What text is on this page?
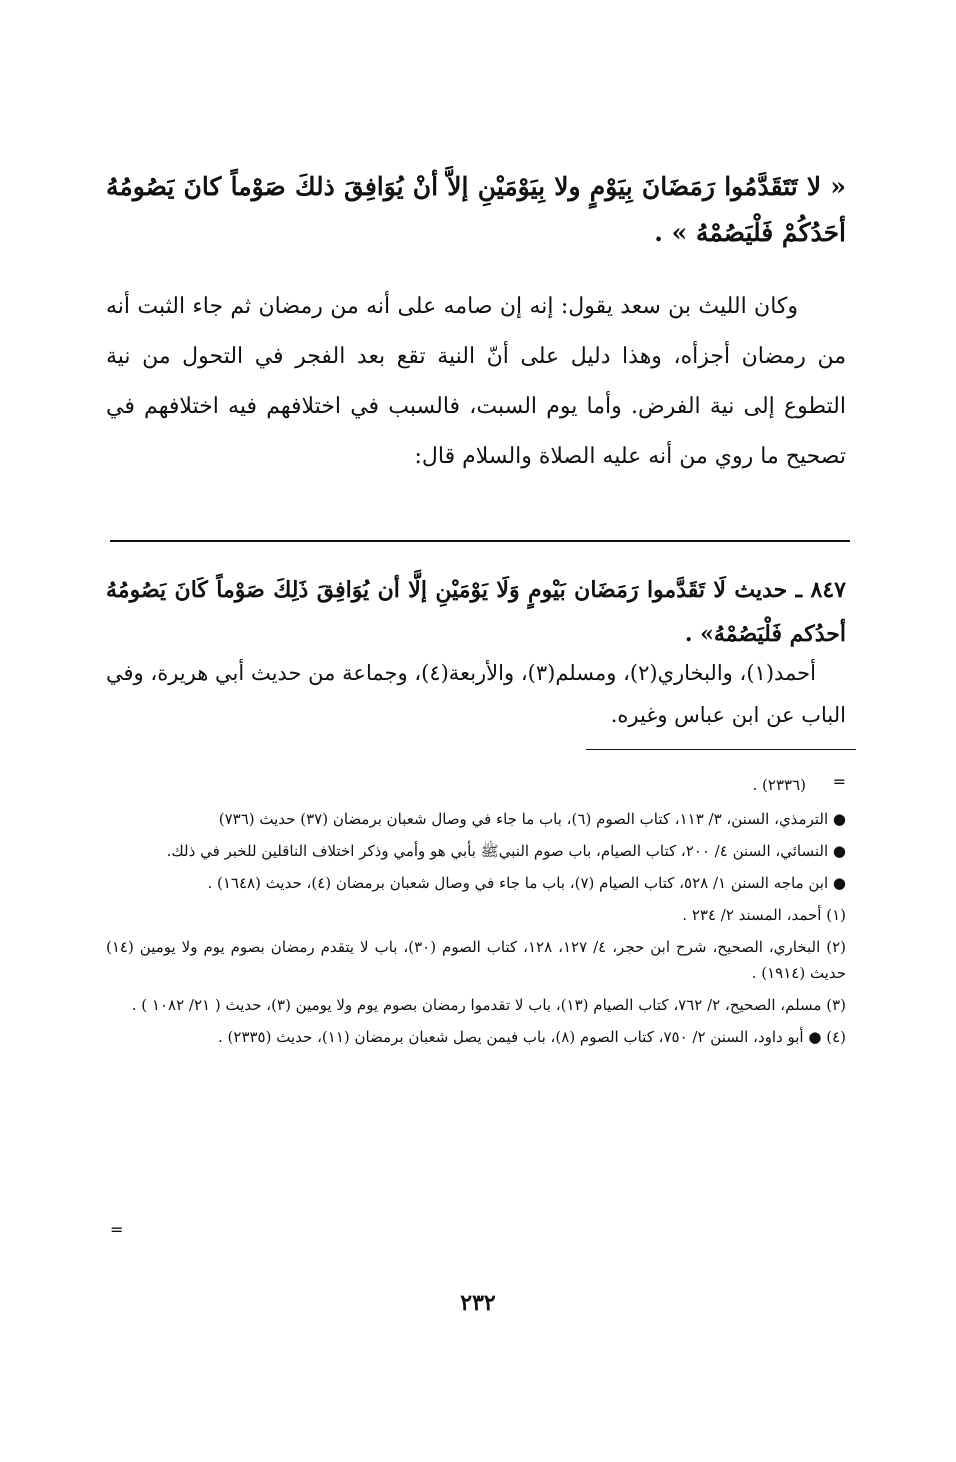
« لا تَتَقَدَّمُوا رَمَضَانَ بِيَوْمٍ ولا بِيَوْمَيْنِ إلاَّ أنْ يُوَافِقَ ذلكَ صَوْماً كانَ يَصُومُهُ أحَدُكُمْ فَلْيَصُمْهُ » .
وكان الليث بن سعد يقول: إنه إن صامه على أنه من رمضان ثم جاء الثبت أنه من رمضان أجزأه، وهذا دليل على أنّ النية تقع بعد الفجر في التحول من نية التطوع إلى نية الفرض. وأما يوم السبت، فالسبب في اختلافهم فيه اختلافهم في تصحيح ما روي من أنه عليه الصلاة والسلام قال:
٨٤٧ ـ حديث لَا تَقَدَّموا رَمَضَان بَيْومٍ وَلَا يَوْمَيْنِ إلَّا أن يُوَافِقَ ذَلِكَ صَوْماً كَانَ يَصُومُهُ أحدُكم فَلْيَصُمْهُ» .
أحمد(١)، والبخاري(٢)، ومسلم(٣)، والأربعة(٤)، وجماعة من حديث أبي هريرة، وفي الباب عن ابن عباس وغيره.
=
(٢٣٣٦) .
● الترمذي، السنن، ٣/ ١١٣، كتاب الصوم (٦)، باب ما جاء في وصال شعبان برمضان (٣٧) حديث (٧٣٦)
● النسائي، السنن ٤/ ٢٠٠، كتاب الصيام، باب صوم النبيﷺ بأبي هو وأمي وذكر اختلاف الناقلين للخبر في ذلك.
● ابن ماجه السنن ١/ ٥٢٨، كتاب الصيام (٧)، باب ما جاء في وصال شعبان برمضان (٤)، حديث (١٦٤٨) .
(١) أحمد، المسند ٢/ ٢٣٤ .
(٢) البخاري، الصحيح، شرح ابن حجر، ٤/ ١٢٧، ١٢٨، كتاب الصوم (٣٠)، باب لا يتقدم رمضان بصوم يوم ولا يومين (١٤) حديث (١٩١٤) .
(٣) مسلم، الصحيح، ٢/ ٧٦٢، كتاب الصيام (١٣)، باب لا تقدموا رمضان بصوم يوم ولا يومين (٣)، حديث ( ٢١/ ١٠٨٢ ) .
(٤) ● أبو داود، السنن ٢/ ٧٥٠، كتاب الصوم (٨)، باب فيمن يصل شعبان برمضان (١١)، حديث (٢٣٣٥) .
=
٢٣٢
